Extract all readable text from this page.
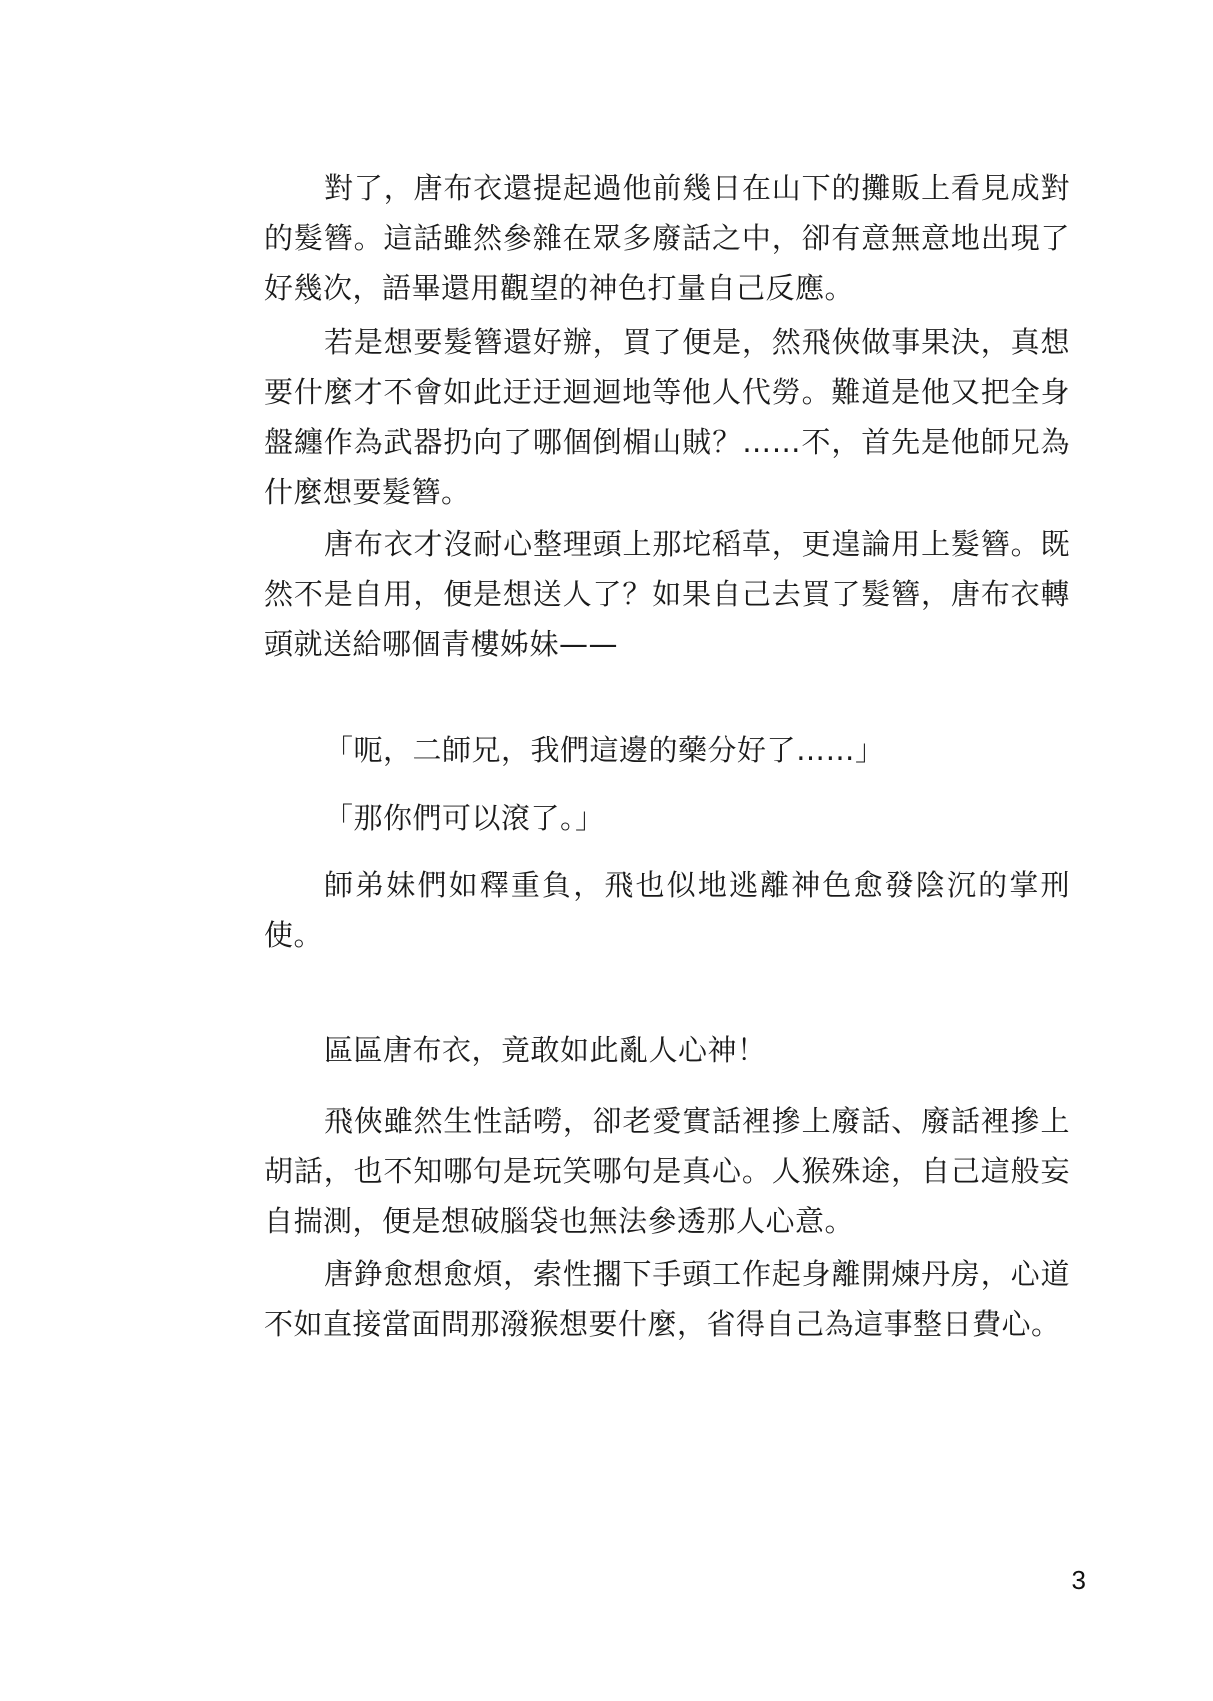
對了，唐布衣還提起過他前幾日在山下的攤販上看見成對的髮簪。這話雖然參雜在眾多廢話之中，卻有意無意地出現了好幾次，語畢還用觀望的神色打量自己反應。

若是想要髮簪還好辦，買了便是，然飛俠做事果決，真想要什麼才不會如此迂迂迴迴地等他人代勞。難道是他又把全身盤纏作為武器扔向了哪個倒楣山賊？……不，首先是他師兄為什麼想要髮簪。

唐布衣才沒耐心整理頭上那坨稻草，更遑論用上髮簪。既然不是自用，便是想送人了？如果自己去買了髮簪，唐布衣轉頭就送給哪個青樓姊妹——

「呃，二師兄，我們這邊的藥分好了……」

「那你們可以滾了。」

師弟妹們如釋重負，飛也似地逃離神色愈發陰沉的掌刑使。

區區唐布衣，竟敢如此亂人心神！

飛俠雖然生性話嘮，卻老愛實話裡摻上廢話、廢話裡摻上胡話，也不知哪句是玩笑哪句是真心。人猴殊途，自己這般妄自揣測，便是想破腦袋也無法參透那人心意。

唐錚愈想愈煩，索性擱下手頭工作起身離開煉丹房，心道不如直接當面問那潑猴想要什麼，省得自己為這事整日費心。

3
